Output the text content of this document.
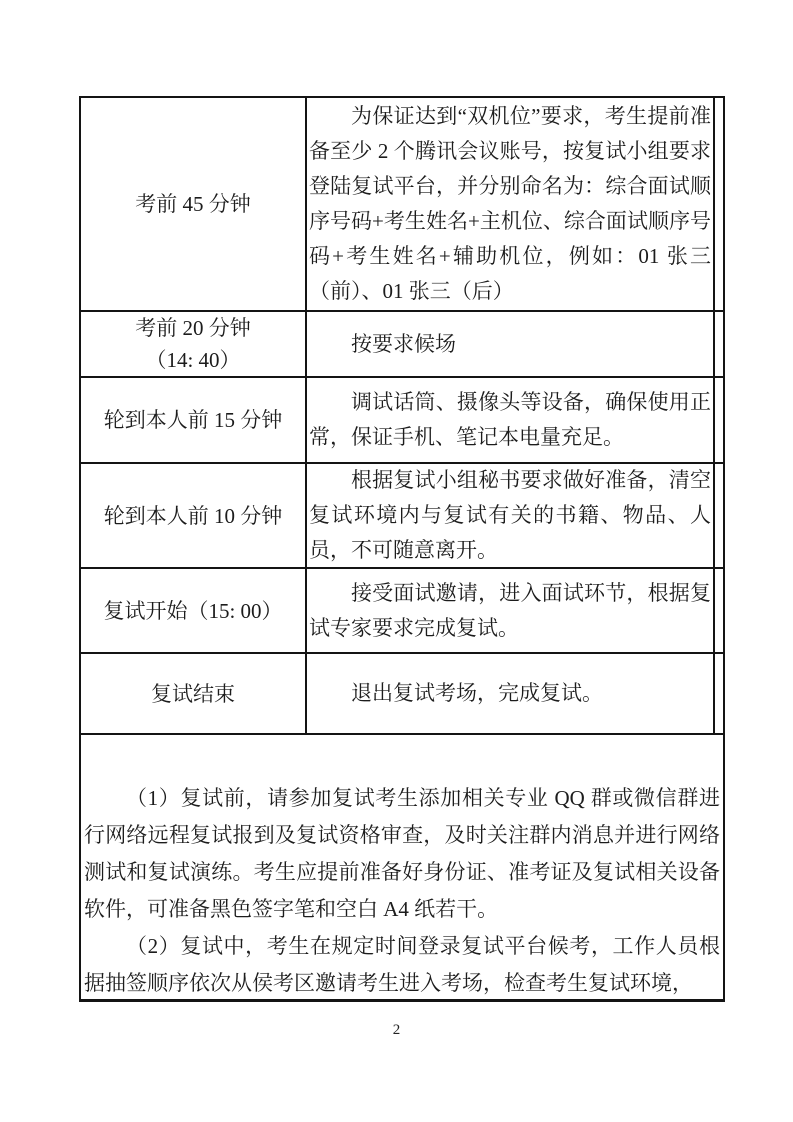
考前 45 分钟
为保证达到“双机位”要求，考生提前准备至少 2 个腾讯会议账号，按复试小组要求登陆复试平台，并分别命名为：综合面试顺序号码+考生姓名+主机位、综合面试顺序号码+考生姓名+辅助机位，例如：01 张三（前）、01 张三（后）
考前 20 分钟
（14: 40）
按要求候场
轮到本人前 15 分钟
调试话筒、摄像头等设备，确保使用正常，保证手机、笔记本电量充足。
轮到本人前 10 分钟
根据复试小组秘书要求做好准备，清空复试环境内与复试有关的书籍、物品、人员，不可随意离开。
复试开始（15: 00）
接受面试邀请，进入面试环节，根据复试专家要求完成复试。
复试结束	退出复试考场，完成复试。

（1）复试前，请参加复试考生添加相关专业 QQ 群或微信群进行网络远程复试报到及复试资格审查，及时关注群内消息并进行网络测试和复试演练。考生应提前准备好身份证、准考证及复试相关设备软件，可准备黑色签字笔和空白 A4 纸若干。

（2）复试中，考生在规定时间登录复试平台候考，工作人员根据抽签顺序依次从侯考区邀请考生进入考场，检查考生复试环境，

2
